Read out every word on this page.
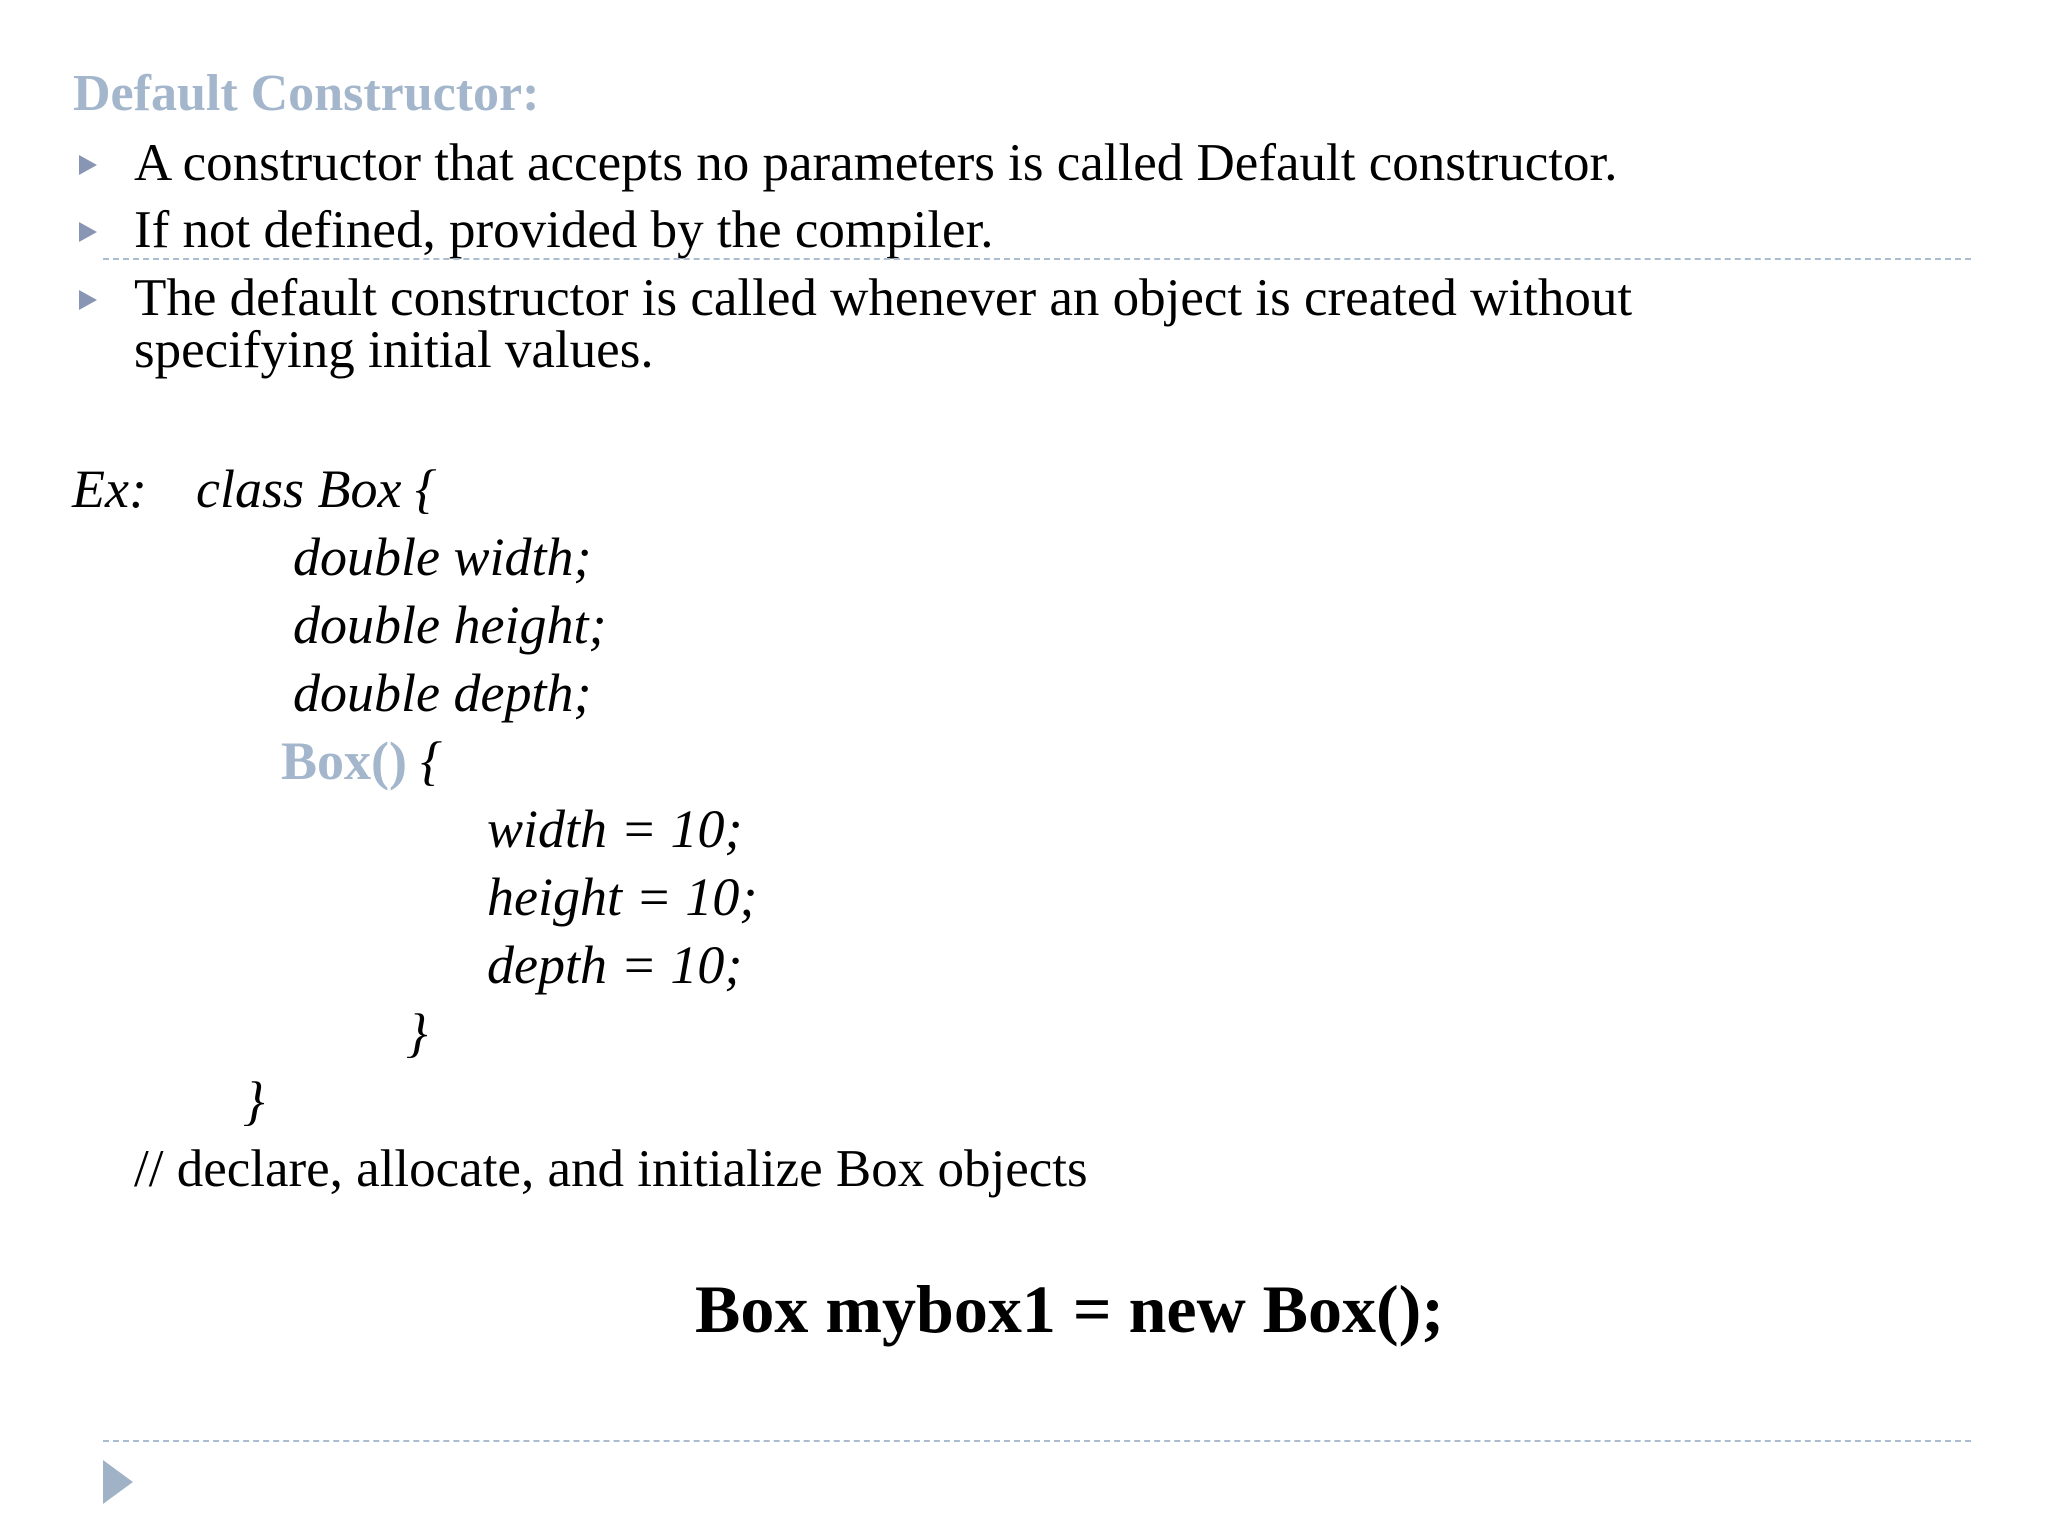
Default Constructor:
A constructor that accepts no parameters is called Default constructor.
If not defined, provided by the compiler.
The default constructor is called whenever an object is created without
specifying initial values.
Ex: class Box {
double width;
double height;
double depth;
Box() {
width = 10;
height = 10;
depth = 10;
}
}
// declare, allocate, and initialize Box objects
Box mybox1 = new Box();
